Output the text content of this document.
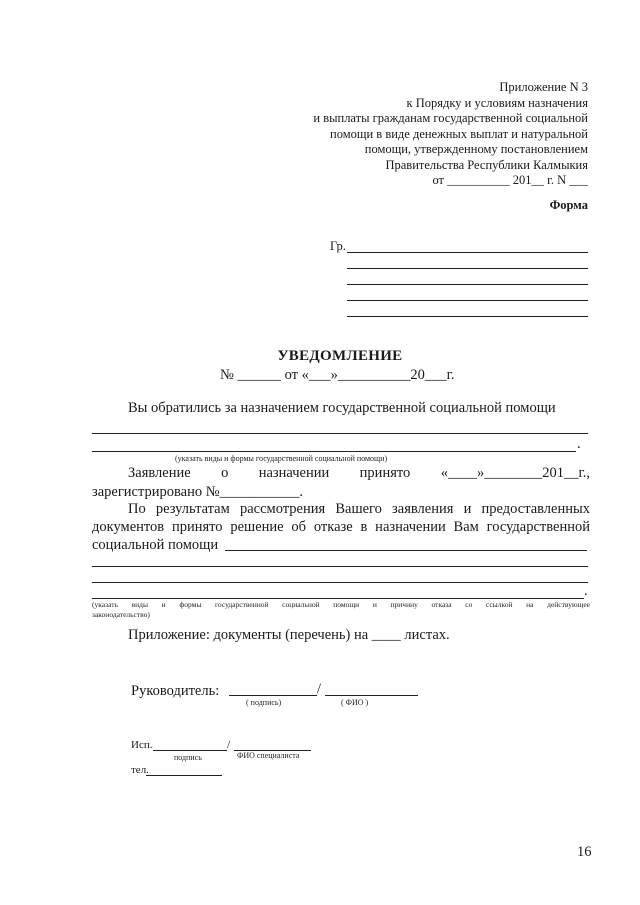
Приложение N 3
к Порядку и условиям назначения
и выплаты гражданам государственной социальной
помощи в виде денежных выплат и натуральной
помощи, утвержденному постановлением
Правительства Республики Калмыкия
от __________ 201__ г. N ___
Форма
Гр.
УВЕДОМЛЕНИЕ
№ ______ от «___»__________20___г.
Вы обратились за назначением государственной социальной помощи
.
(указать виды и формы государственной социальной помощи)
Заявление о назначении принято «____»________201__г.,
зарегистрировано №___________.
По результатам рассмотрения Вашего заявления и предоставленных
документов принято решение об отказе в назначении Вам государственной
социальной помощи
.
(указать виды и формы государственной социальной помощи и причину отказа со ссылкой на действующее
законодательство)
Приложение: документы (перечень) на ____ листах.
Руководитель:	/
( подпись)	( ФИО )
Исп.	/
подпись	ФИО специалиста
тел.
16
